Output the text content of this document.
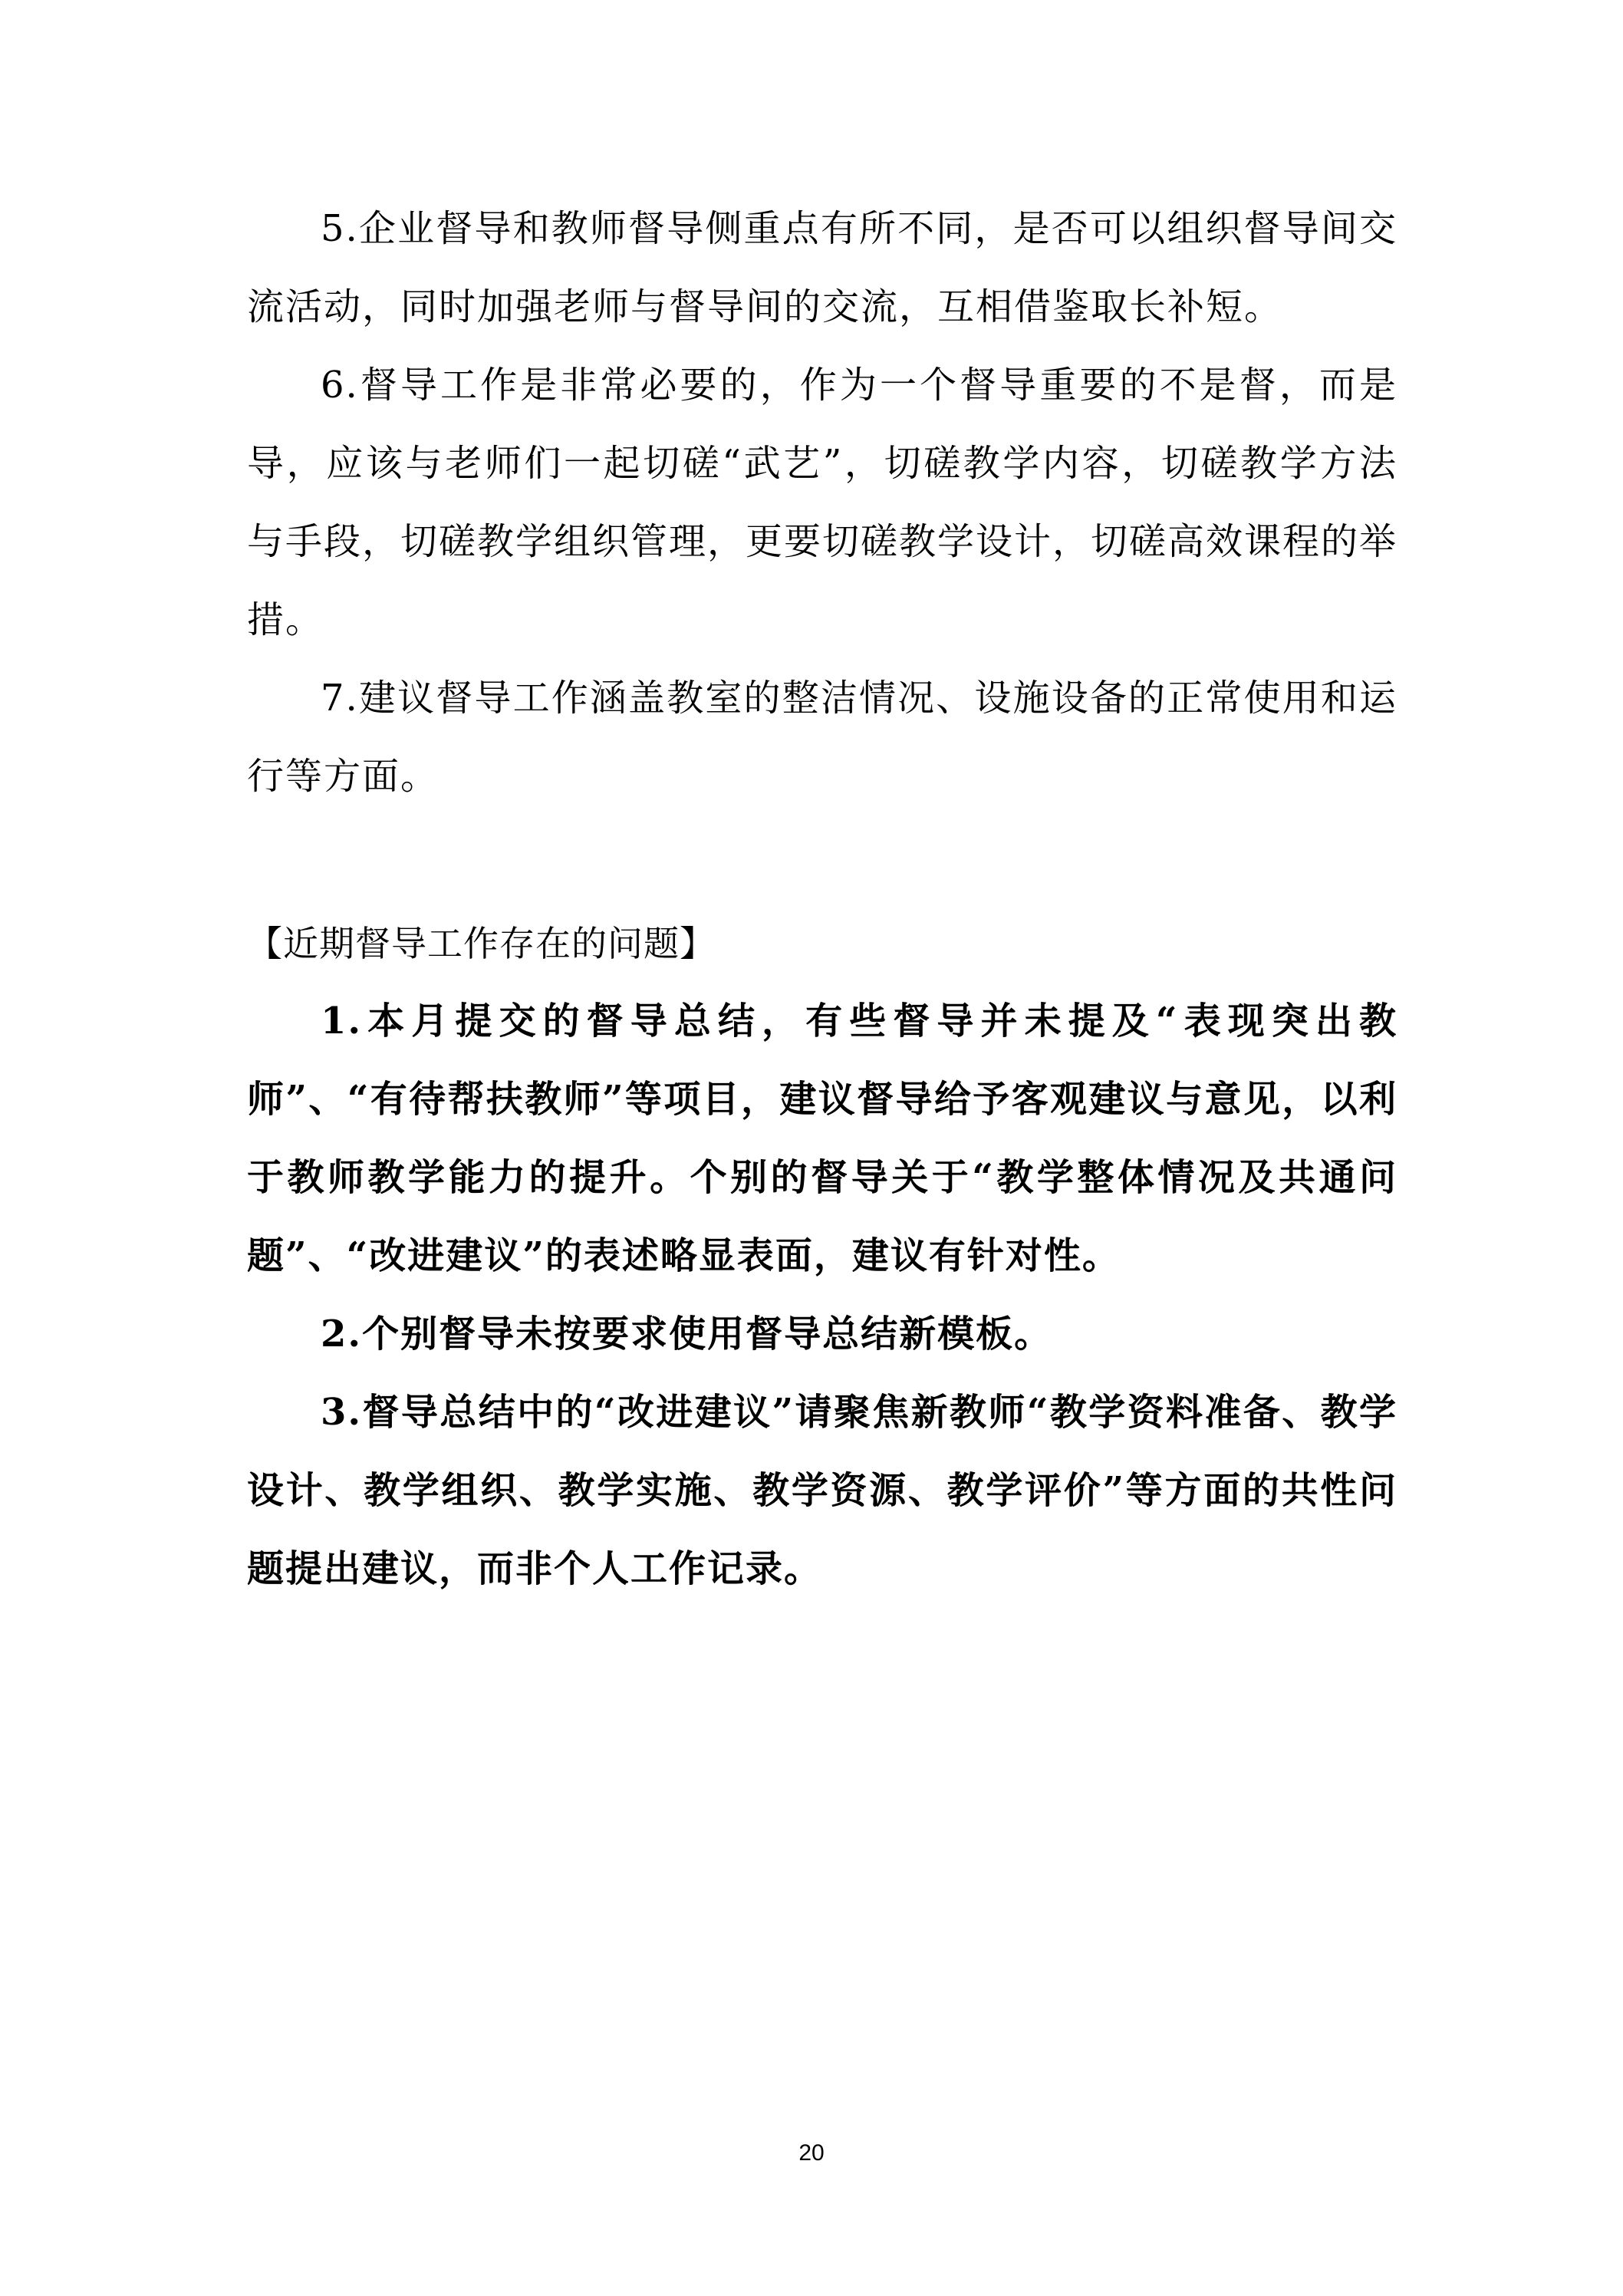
5.企业督导和教师督导侧重点有所不同，是否可以组织督导间交流活动，同时加强老师与督导间的交流，互相借鉴取长补短。

6.督导工作是非常必要的，作为一个督导重要的不是督，而是导，应该与老师们一起切磋“武艺”，切磋教学内容，切磋教学方法与手段，切磋教学组织管理，更要切磋教学设计，切磋高效课程的举措。

7.建议督导工作涵盖教室的整洁情况、设施设备的正常使用和运行等方面。

【近期督导工作存在的问题】

1.本月提交的督导总结，有些督导并未提及“表现突出教师”、“有待帮扶教师”等项目，建议督导给予客观建议与意见，以利于教师教学能力的提升。个别的督导关于“教学整体情况及共通问题”、“改进建议”的表述略显表面，建议有针对性。

2.个别督导未按要求使用督导总结新模板。

3.督导总结中的“改进建议”请聚焦新教师“教学资料准备、教学设计、教学组织、教学实施、教学资源、教学评价”等方面的共性问题提出建议，而非个人工作记录。

20
